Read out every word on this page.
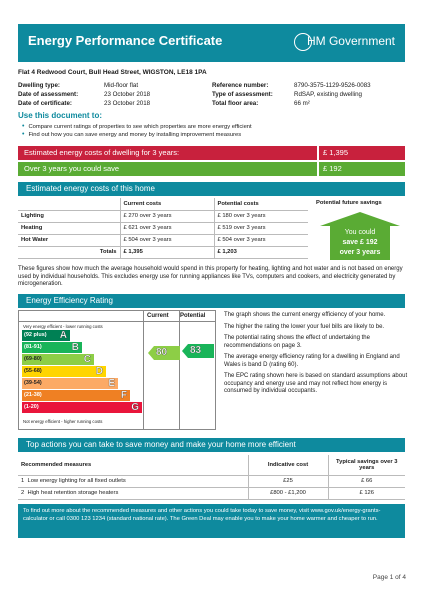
Energy Performance Certificate	HM Government
Flat 4 Redwood Court, Bull Head Street, WIGSTON, LE18 1PA
Dwelling type:	Mid-floor flat
Date of assessment:	23 October 2018
Date of certificate:	23 October 2018
Reference number:	8790-3575-1129-9526-0083
Type of assessment:	RdSAP, existing dwelling
Total floor area:	66 m²
Use this document to:
• Compare current ratings of properties to see which properties are more energy efficient
• Find out how you can save energy and money by installing improvement measures
Estimated energy costs of dwelling for 3 years:	£ 1,395
Over 3 years you could save	£ 192
Estimated energy costs of this home
	Current costs	Potential costs
Lighting	£ 270 over 3 years	£ 180 over 3 years
Heating	£ 621 over 3 years	£ 519 over 3 years
Hot Water	£ 504 over 3 years	£ 504 over 3 years
Totals	£ 1,395	£ 1,203
Potential future savings
You could
save £ 192
over 3 years
These figures show how much the average household would spend in this property for heating, lighting and hot water and is not based on energy used by individual households. This excludes energy use for running appliances like TVs, computers and cookers, and electricity generated by microgeneration.
Energy Efficiency Rating
Current Potential
Very energy efficient - lower running costs
Not energy efficient - higher running costs
(92 plus) A
(81-91)	B
(69-80)	C
(55-68)	D
(39-54)	E
(21-38)	F
(1-20)	G
80 83
The graph shows the current energy efficiency of your home.
The higher the rating the lower your fuel bills are likely to be.
The potential rating shows the effect of undertaking the recommendations on page 3.
The average energy efficiency rating for a dwelling in England and Wales is band D (rating 60).
The EPC rating shown here is based on standard assumptions about occupancy and energy use and may not reflect how energy is consumed by individual occupants.
Top actions you can take to save money and make your home more efficient
Recommended measures	Indicative cost	Typical savings over 3 years
1 Low energy lighting for all fixed outlets	£25	£ 66
2 High heat retention storage heaters	£800 - £1,200	£ 126
To find out more about the recommended measures and other actions you could take today to save money, visit www.gov.uk/energy-grants-calculator or call 0300 123 1234 (standard national rate). The Green Deal may enable you to make your home warmer and cheaper to run.
Page 1 of 4
